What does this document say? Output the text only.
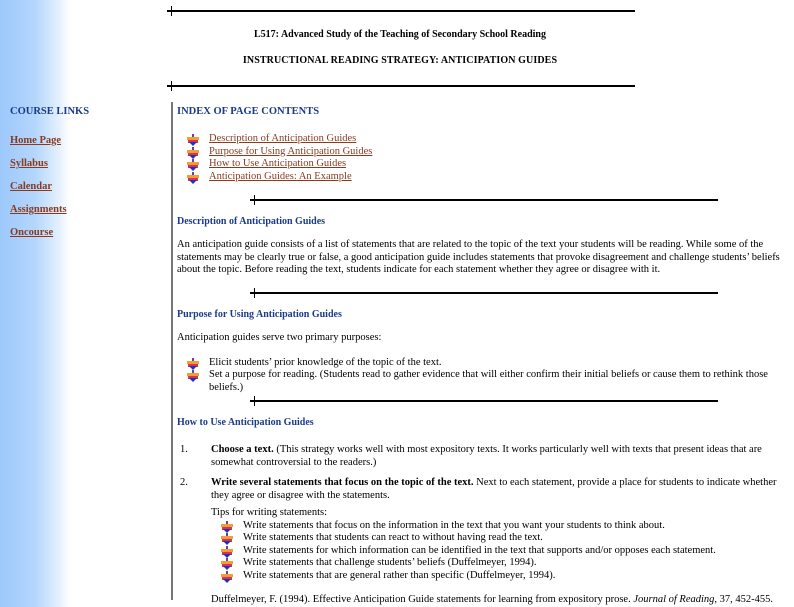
L517: Advanced Study of the Teaching of Secondary School Reading
INSTRUCTIONAL READING STRATEGY: ANTICIPATION GUIDES
COURSE LINKS
Home Page
Syllabus
Calendar
Assignments
Oncourse
INDEX OF PAGE CONTENTS
Description of Anticipation Guides
Purpose for Using Anticipation Guides
How to Use Anticipation Guides
Anticipation Guides: An Example
Description of Anticipation Guides

An anticipation guide consists of a list of statements that are related to the topic of the text your students will be reading. While some of the statements may be clearly true or false, a good anticipation guide includes statements that provoke disagreement and challenge students’ beliefs about the topic. Before reading the text, students indicate for each statement whether they agree or disagree with it.

Purpose for Using Anticipation Guides

Anticipation guides serve two primary purposes:

Elicit students’ prior knowledge of the topic of the text.
Set a purpose for reading. (Students read to gather evidence that will either confirm their initial beliefs or cause them to rethink those beliefs.)
How to Use Anticipation Guides
1. Choose a text. (This strategy works well with most expository texts. It works particularly well with texts that present ideas that are somewhat controversial to the readers.)
2. Write several statements that focus on the topic of the text. Next to each statement, provide a place for students to indicate whether they agree or disagree with the statements.

Tips for writing statements:

Write statements that focus on the information in the text that you want your students to think about.
Write statements that students can react to without having read the text.
Write statements for which information can be identified in the text that supports and/or opposes each statement.
Write statements that challenge students’ beliefs (Duffelmeyer, 1994).
Write statements that are general rather than specific (Duffelmeyer, 1994).

Duffelmeyer, F. (1994). Effective Anticipation Guide statements for learning from expository prose. Journal of Reading, 37, 452-455.
